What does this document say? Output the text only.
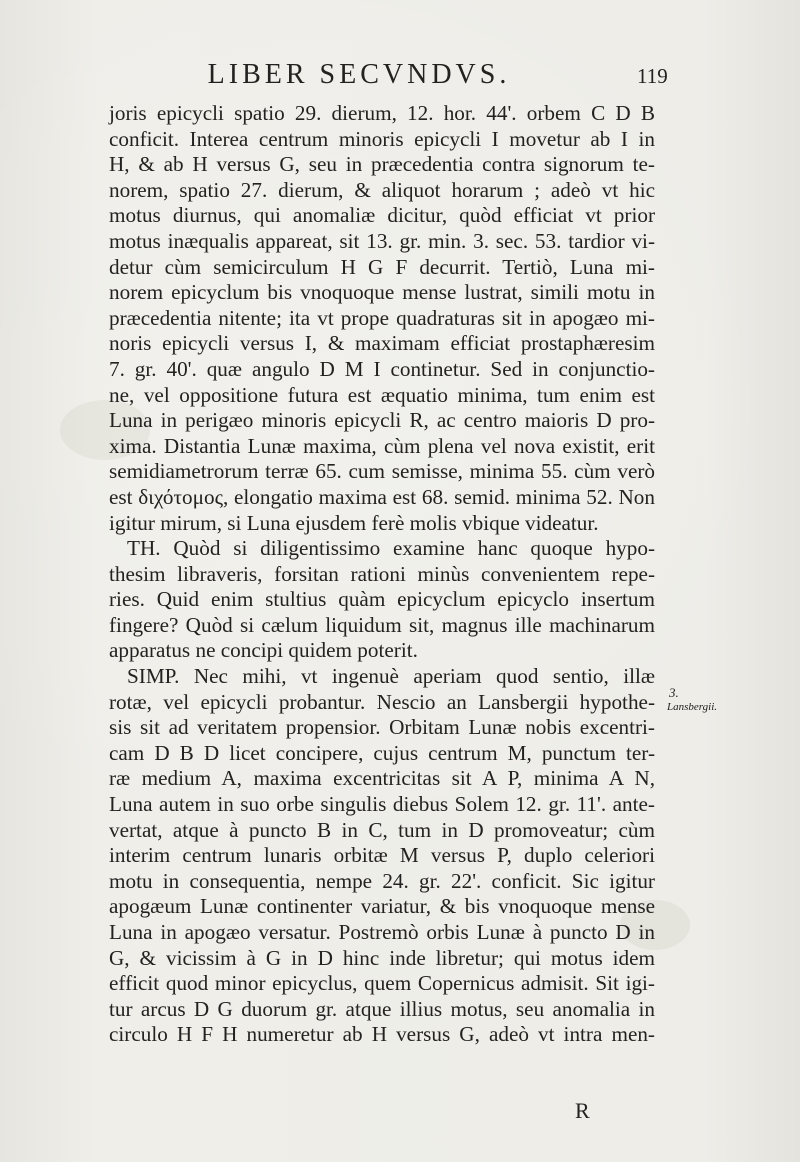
LIBER SECVNDVS.	119
joris epicycli spatio 29. dierum, 12. hor. 44'. orbem C D B
conficit. Interea centrum minoris epicycli I movetur ab I in
H, & ab H versus G, seu in præcedentia contra signorum te-
norem, spatio 27. dierum, & aliquot horarum ; adeò vt hic
motus diurnus, qui anomaliæ dicitur, quòd efficiat vt prior
motus inæqualis appareat, sit 13. gr. min. 3. sec. 53. tardior vi-
detur cùm semicirculum H G F decurrit. Tertiò, Luna mi-
norem epicyclum bis vnoquoque mense lustrat, simili motu in
præcedentia nitente; ita vt prope quadraturas sit in apogæo mi-
noris epicycli versus I, & maximam efficiat prostaphæresim
7. gr. 40'. quæ angulo D M I continetur. Sed in conjunctio-
ne, vel oppositione futura est æquatio minima, tum enim est
Luna in perigæo minoris epicycli R, ac centro maioris D pro-
xima. Distantia Lunæ maxima, cùm plena vel nova existit, erit
semidiametrorum terræ 65. cum semisse, minima 55. cùm verò
est διχότομος, elongatio maxima est 68. semid. minima 52. Non
igitur mirum, si Luna ejusdem ferè molis vbique videatur.
TH. Quòd si diligentissimo examine hanc quoque hypo-
thesim libraveris, forsitan rationi minùs convenientem repe-
ries. Quid enim stultius quàm epicyclum epicyclo insertum
fingere? Quòd si cælum liquidum sit, magnus ille machinarum
apparatus ne concipi quidem poterit.
SIMP. Nec mihi, vt ingenuè aperiam quod sentio, illæ
rotæ, vel epicycli probantur. Nescio an Lansbergii hypothe-
sis sit ad veritatem propensior. Orbitam Lunæ nobis excentri-
cam D B D licet concipere, cujus centrum M, punctum ter-
ræ medium A, maxima excentricitas sit A P, minima A N,
Luna autem in suo orbe singulis diebus Solem 12. gr. 11'. ante-
vertat, atque à puncto B in C, tum in D promoveatur; cùm
interim centrum lunaris orbitæ M versus P, duplo celeriori
motu in consequentia, nempe 24. gr. 22'. conficit. Sic igitur
apogæum Lunæ continenter variatur, & bis vnoquoque mense
Luna in apogæo versatur. Postremò orbis Lunæ à puncto D in
G, & vicissim à G in D hinc inde libretur; qui motus idem
efficit quod minor epicyclus, quem Copernicus admisit. Sit igi-
tur arcus D G duorum gr. atque illius motus, seu anomalia in
circulo H F H numeretur ab H versus G, adeò vt intra men-
3.
Lansbergii.
R
